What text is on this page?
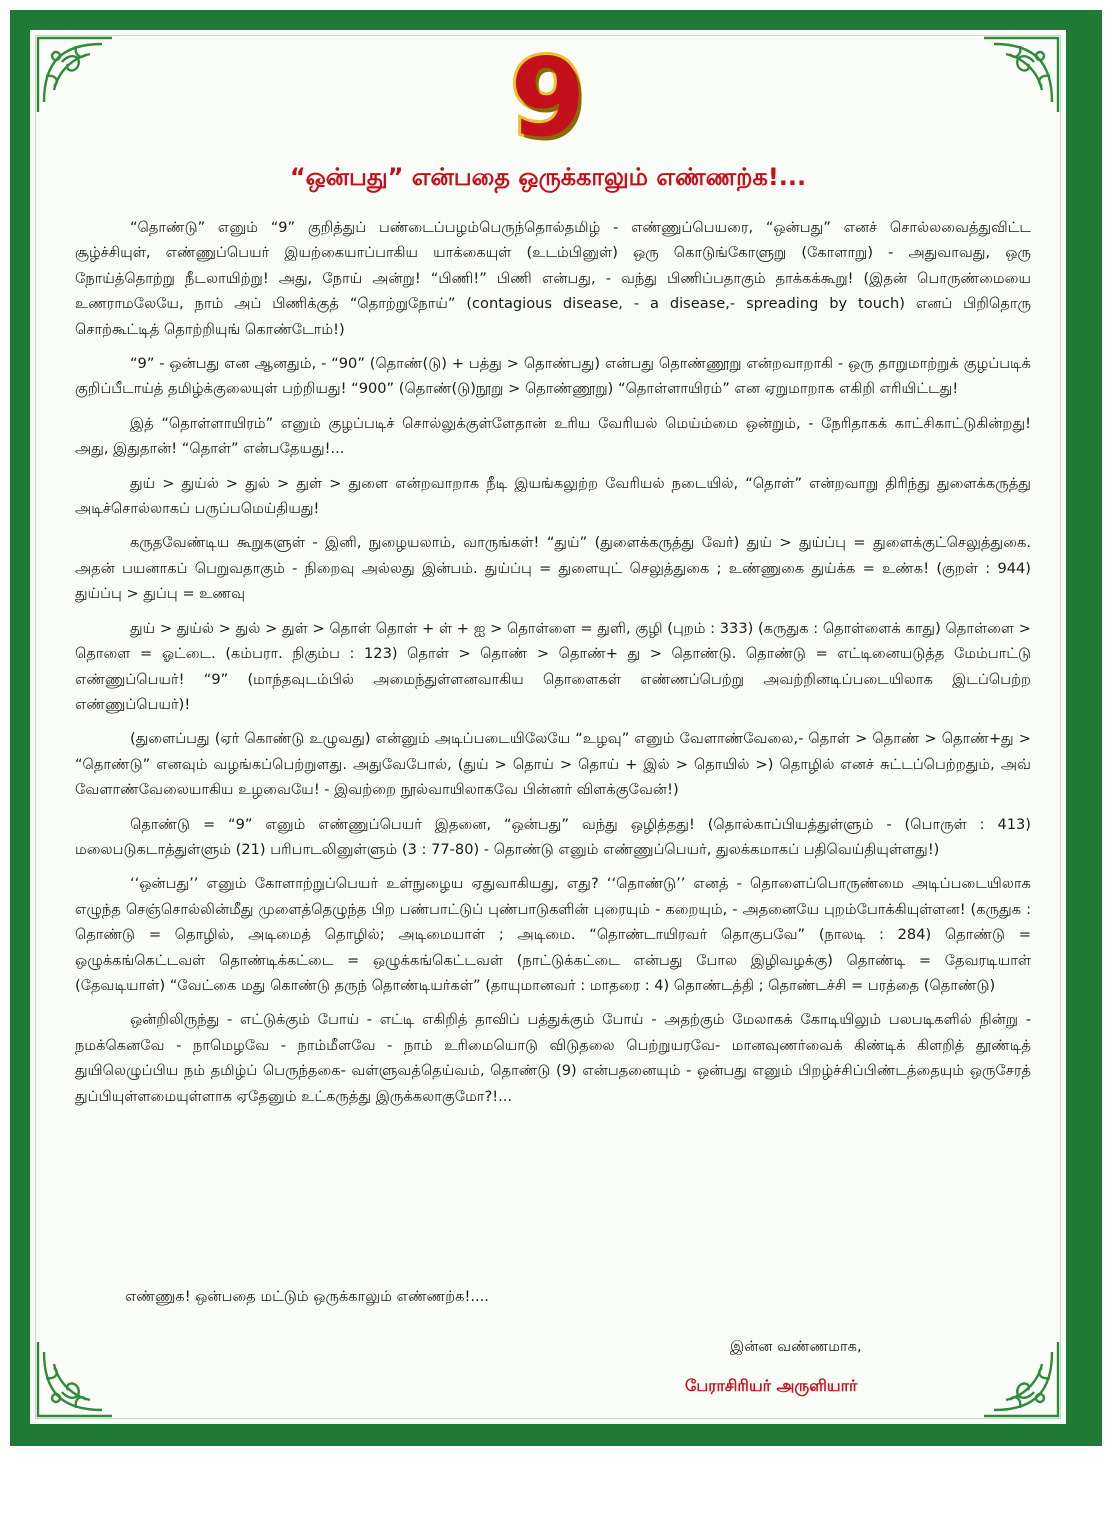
9
“ஒன்பது” என்பதை ஒருக்காலும் எண்ணற்க!...

“தொண்டு” எனும் “9” குறித்துப் பண்டைப்பழம்பெருந்தொல்தமிழ் - எண்ணுப்பெயரை, “ஒன்பது” எனச் சொல்லவைத்துவிட்ட சூழ்ச்சியுள், எண்ணுப்பெயர் இயற்கையாப்பாகிய யாக்கையுள் (உடம்பினுள்) ஒரு கொடுங்கோளுறு (கோளாறு) - அதுவாவது, ஒரு நோய்த்தொற்று நீடலாயிற்று! அது, நோய் அன்று! “பிணி!” பிணி என்பது, - வந்து பிணிப்பதாகும் தாக்கக்கூறு! (இதன் பொருண்மையை உணராமலேயே, நாம் அப் பிணிக்குத் “தொற்றுநோய்” (contagious disease, - a disease,- spreading by touch) எனப் பிறிதொரு சொற்கூட்டித் தொற்றியுங் கொண்டோம்!)

“9” - ஒன்பது என ஆனதும், - “90” (தொண்(டு) + பத்து > தொண்பது) என்பது தொண்ணூறு என்றவாறாகி - ஒரு தாறுமாற்றுக் குழப்படிக் குறிப்பீடாய்த் தமிழ்க்குலையுள் பற்றியது! “900” (தொண்(டு)நூறு > தொண்ணூறு) “தொள்ளாயிரம்” என ஏறுமாறாக எகிறி எரியிட்டது!

இத் “தொள்ளாயிரம்” எனும் குழப்படிச் சொல்லுக்குள்ளேதான் உரிய வேரியல் மெய்ம்மை ஒன்றும், - நேரிதாகக் காட்சிகாட்டுகின்றது! அது, இதுதான்! “தொள்” என்பதேயது!...

துய் > துய்ல் > துல் > துள் > துளை என்றவாறாக நீடி இயங்கலுற்ற வேரியல் நடையில், “தொள்” என்றவாறு திரிந்து துளைக்கருத்து அடிச்சொல்லாகப் பருப்பமெய்தியது!

கருதவேண்டிய கூறுகளுள் - இனி, நுழையலாம், வாருங்கள்! “துய்” (துளைக்கருத்து வேர்) துய் > துய்ப்பு = துளைக்குட்செலுத்துகை. அதன் பயனாகப் பெறுவதாகும் - நிறைவு அல்லது இன்பம். துய்ப்பு = துளையுட் செலுத்துகை ; உண்ணுகை துய்க்க = உண்க! (குறள் : 944) துய்ப்பு > துப்பு = உணவு

துய் > துய்ல் > துல் > துள் > தொள் தொள் + ள் + ஐ > தொள்ளை = துளி, குழி (புறம் : 333) (கருதுக : தொள்ளைக் காது) தொள்ளை > தொளை = ஓட்டை. (கம்பரா. நிகும்ப : 123) தொள் > தொண் > தொண்+ து > தொண்டு. தொண்டு = எட்டினையடுத்த மேம்பாட்டு எண்ணுப்பெயர்! “9” (மாந்தவுடம்பில் அமைந்துள்ளனவாகிய தொளைகள் எண்ணப்பெற்று அவற்றினடிப்படையிலாக இடப்பெற்ற எண்ணுப்பெயர்)!

(துளைப்பது (ஏர் கொண்டு உழுவது) என்னும் அடிப்படையிலேயே “உழவு” எனும் வேளாண்வேலை,- தொள் > தொண் > தொண்+து > “தொண்டு” எனவும் வழங்கப்பெற்றுளது. அதுவேபோல், (துய் > தொய் > தொய் + இல் > தொயில் >) தொழில் எனச் சுட்டப்பெற்றதும், அவ் வேளாண்வேலையாகிய உழவையே! - இவற்றை நூல்வாயிலாகவே பின்னர் விளக்குவேன்!)

தொண்டு = “9” எனும் எண்ணுப்பெயர் இதனை, “ஒன்பது” வந்து ஒழித்தது! (தொல்காப்பியத்துள்ளும் - (பொருள் : 413) மலைபடுகடாத்துள்ளும் (21) பரிபாடலினுள்ளும் (3 : 77-80) - தொண்டு எனும் எண்ணுப்பெயர், துலக்கமாகப் பதிவெய்தியுள்ளது!)

‘‘ஒன்பது’’ எனும் கோளாற்றுப்பெயர் உள்நுழைய ஏதுவாகியது, எது? ‘‘தொண்டு’’ எனத் - தொளைப்பொருண்மை அடிப்படையிலாக எழுந்த செஞ்சொல்லின்மீது முளைத்தெழுந்த பிற பண்பாட்டுப் புண்பாடுகளின் புரையும் - கறையும், - அதனையே புறம்போக்கியுள்ளன! (கருதுக : தொண்டு = தொழில், அடிமைத் தொழில்; அடிமையாள் ; அடிமை. “தொண்டாயிரவர் தொகுபவே” (நாலடி : 284) தொண்டு = ஒழுக்கங்கெட்டவள் தொண்டிக்கட்டை = ஒழுக்கங்கெட்டவள் (நாட்டுக்கட்டை என்பது போல இழிவழக்கு) தொண்டி = தேவரடியாள் (தேவடியாள்) “வேட்கை மது கொண்டு தருந் தொண்டியர்கள்” (தாயுமானவர் : மாதரை : 4) தொண்டத்தி ; தொண்டச்சி = பரத்தை (தொண்டு)

ஒன்றிலிருந்து - எட்டுக்கும் போய் - எட்டி எகிறித் தாவிப் பத்துக்கும் போய் - அதற்கும் மேலாகக் கோடியிலும் பலபடிகளில் நின்று - நமக்கெனவே - நாமெழவே - நாம்மீளவே - நாம் உரிமையொடு விடுதலை பெற்றுயரவே- மானவுணர்வைக் கிண்டிக் கிளறித் தூண்டித் துயிலெழுப்பிய நம் தமிழ்ப் பெருந்தகை- வள்ளுவத்தெய்வம், தொண்டு (9) என்பதனையும் - ஒன்பது எனும் பிறழ்ச்சிப்பிண்டத்தையும் ஒருசேரத் துப்பியுள்ளமையுள்ளாக ஏதேனும் உட்கருத்து இருக்கலாகுமோ?!...

எண்ணுக! ஒன்பதை மட்டும் ஒருக்காலும் எண்ணற்க!....
இன்ன வண்ணமாக,
பேராசிரியர் அருளியார்
